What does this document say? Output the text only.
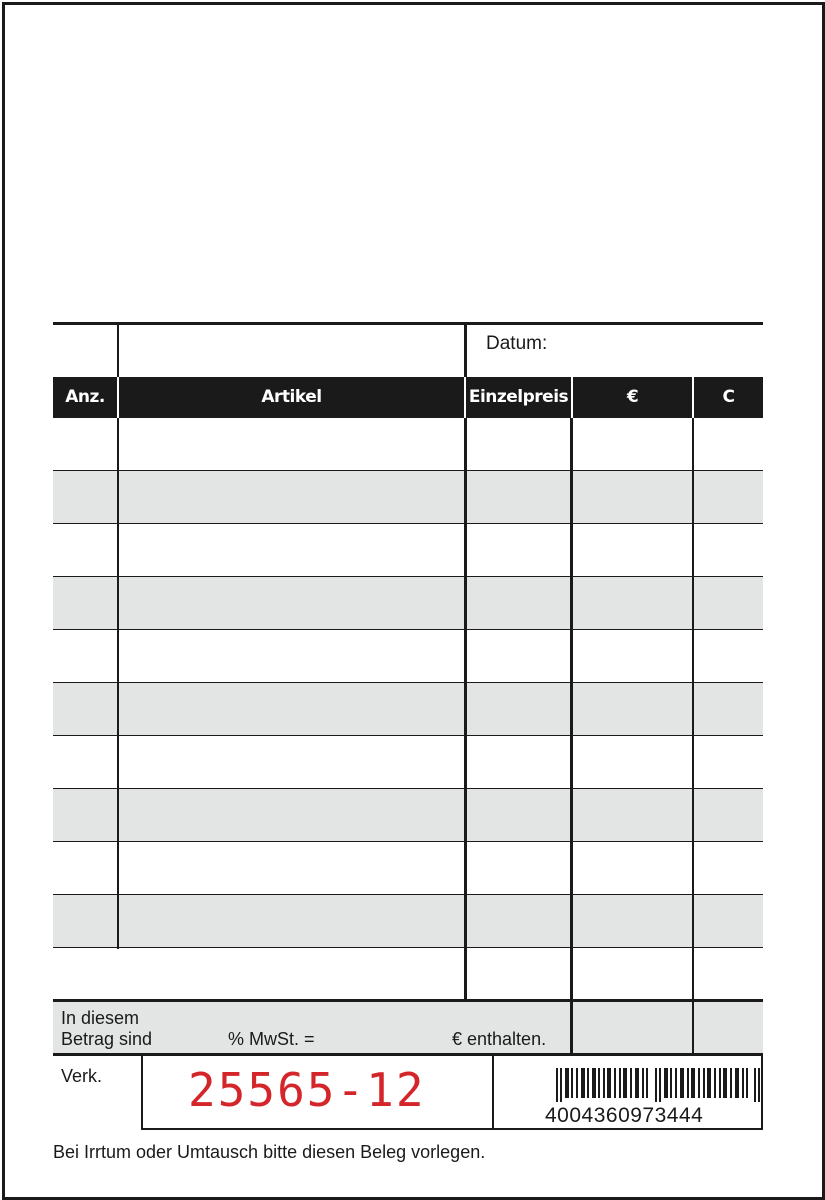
Datum:
Anz.	Artikel	Einzelpreis	€	C
In diesem
Betrag sind	% MwSt. =	€ enthalten.
Verk. 25565-12	4004360973444
Bei Irrtum oder Umtausch bitte diesen Beleg vorlegen.
